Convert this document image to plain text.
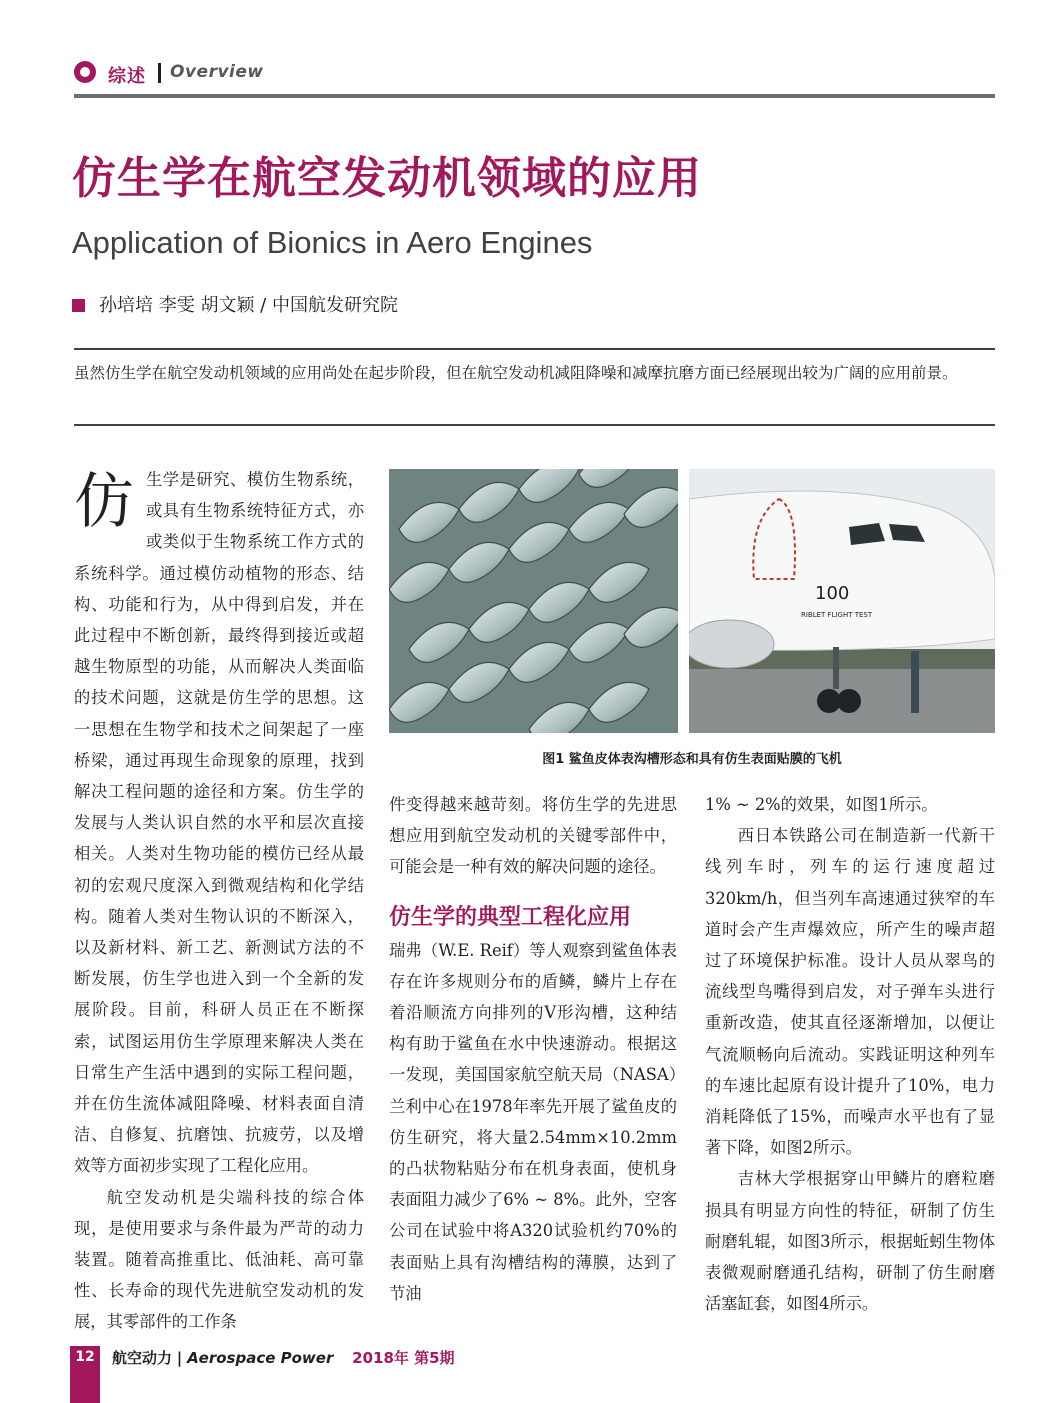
综述 Overview
仿生学在航空发动机领域的应用
Application of Bionics in Aero Engines
孙培培 李雯 胡文颖 / 中国航发研究院
虽然仿生学在航空发动机领域的应用尚处在起步阶段，但在航空发动机减阻降噪和减摩抗磨方面已经展现出较为广阔的应用前景。

仿生学是研究、模仿生物系统，或具有生物系统特征方式，亦或类似于生物系统工作方式的系统科学。通过模仿动植物的形态、结构、功能和行为，从中得到启发，并在此过程中不断创新，最终得到接近或超越生物原型的功能，从而解决人类面临的技术问题，这就是仿生学的思想。这一思想在生物学和技术之间架起了一座桥梁，通过再现生命现象的原理，找到解决工程问题的途径和方案。仿生学的发展与人类认识自然的水平和层次直接相关。人类对生物功能的模仿已经从最初的宏观尺度深入到微观结构和化学结构。随着人类对生物认识的不断深入，以及新材料、新工艺、新测试方法的不断发展，仿生学也进入到一个全新的发展阶段。目前，科研人员正在不断探索，试图运用仿生学原理来解决人类在日常生产生活中遇到的实际工程问题，并在仿生流体减阻降噪、材料表面自清洁、自修复、抗磨蚀、抗疲劳，以及增效等方面初步实现了工程化应用。

航空发动机是尖端科技的综合体现，是使用要求与条件最为严苛的动力装置。随着高推重比、低油耗、高可靠性、长寿命的现代先进航空发动机的发展，其零部件的工作条

100
RIBLET FLIGHT TEST
图1 鲨鱼皮体表沟槽形态和具有仿生表面贴膜的飞机

件变得越来越苛刻。将仿生学的先进思想应用到航空发动机的关键零部件中，可能会是一种有效的解决问题的途径。

仿生学的典型工程化应用

瑞弗（W.E. Reif）等人观察到鲨鱼体表存在许多规则分布的盾鳞，鳞片上存在着沿顺流方向排列的V形沟槽，这种结构有助于鲨鱼在水中快速游动。根据这一发现，美国国家航空航天局（NASA）兰利中心在1978年率先开展了鲨鱼皮的仿生研究，将大量2.54mm×10.2mm的凸状物粘贴分布在机身表面，使机身表面阻力减少了6% ~ 8%。此外，空客公司在试验中将A320试验机约70%的表面贴上具有沟槽结构的薄膜，达到了节油

1% ~ 2%的效果，如图1所示。

西日本铁路公司在制造新一代新干线列车时，列车的运行速度超过320km/h，但当列车高速通过狭窄的车道时会产生声爆效应，所产生的噪声超过了环境保护标准。设计人员从翠鸟的流线型鸟嘴得到启发，对子弹车头进行重新改造，使其直径逐渐增加，以便让气流顺畅向后流动。实践证明这种列车的车速比起原有设计提升了10%，电力消耗降低了15%，而噪声水平也有了显著下降，如图2所示。

吉林大学根据穿山甲鳞片的磨粒磨损具有明显方向性的特征，研制了仿生耐磨轧辊，如图3所示，根据蚯蚓生物体表微观耐磨通孔结构，研制了仿生耐磨活塞缸套，如图4所示。

12 航空动力 | Aerospace Power 2018年 第5期
